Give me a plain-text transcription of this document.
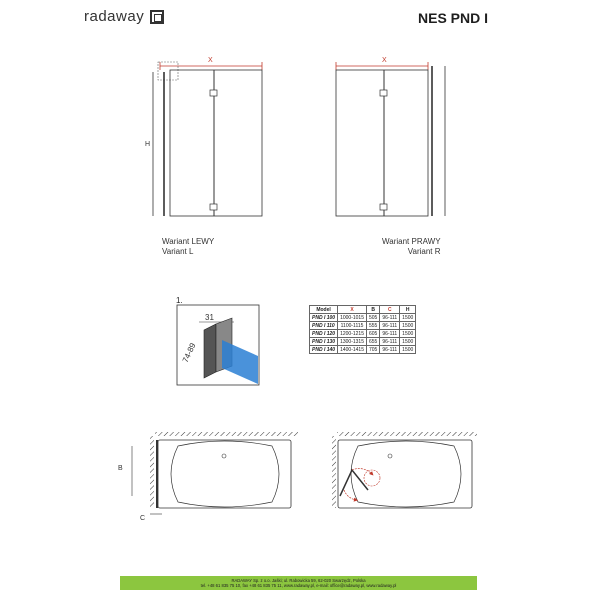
radaway	NES PND I
X
H
X
31
74-89
B
C
Wariant LEWY
Variant L
Wariant PRAWY
Variant R
1.
Model	X	B	C	H
PND I 100	1000-1015	505	96-111	1500
PND I 110	1100-1115	555	96-111	1500
PND I 120	1200-1215	605	96-111	1500
PND I 130	1300-1315	655	96-111	1500
PND I 140	1400-1415	705	96-111	1500
RADAWAY Sp. z o.o. Jaśki; ul. Rabowicka 59, 62-020 Swarzędz, Polska
tel. +48 61 835 75 10, fax +48 61 835 75 11, www.radaway.pl, e-mail: office@radaway.pl, www.radaway.pl
